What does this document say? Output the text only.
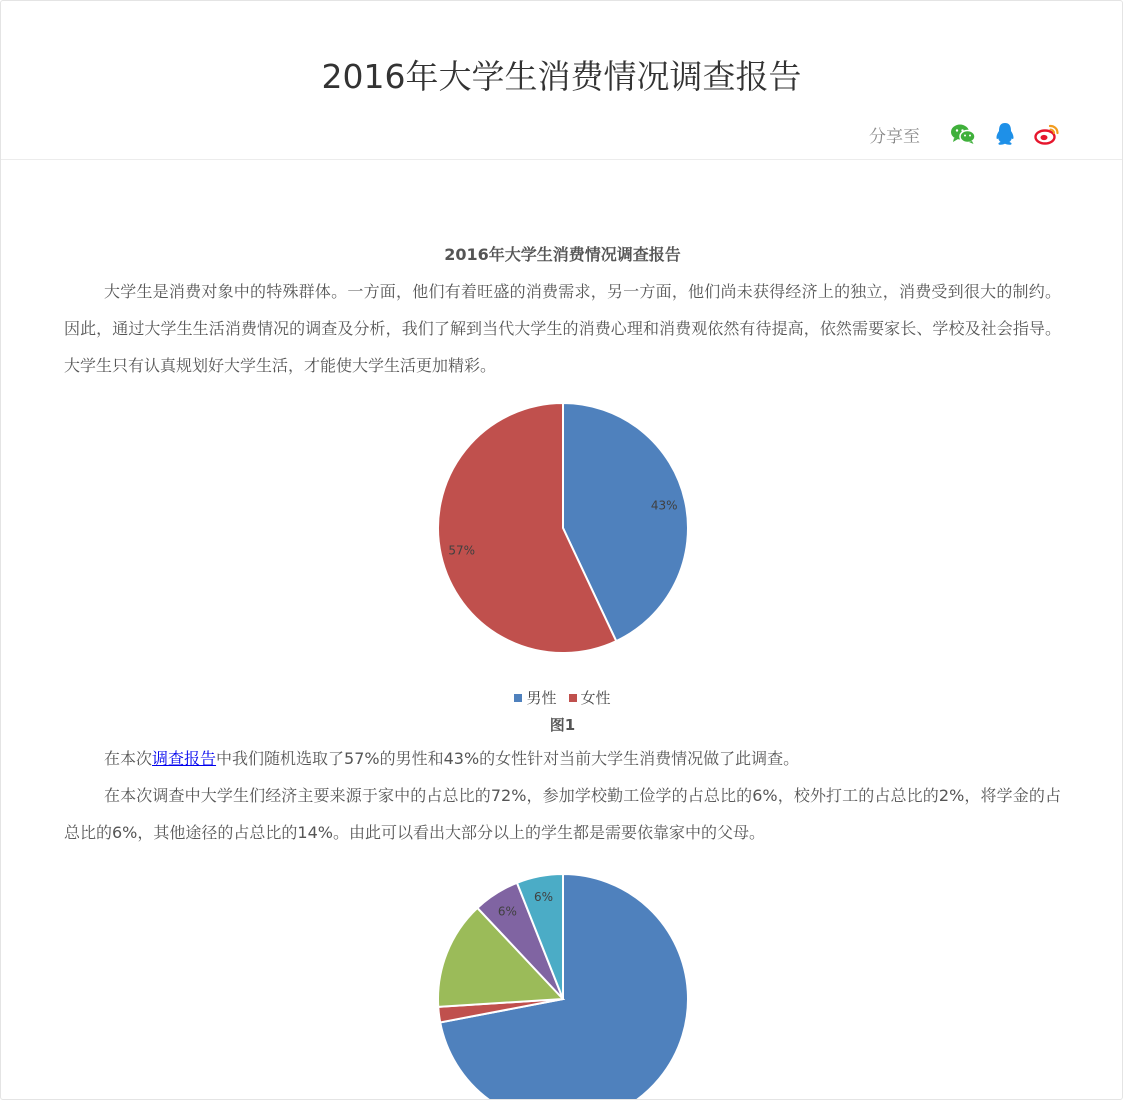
2016年大学生消费情况调查报告
分享至

2016年大学生消费情况调查报告

大学生是消费对象中的特殊群体。一方面，他们有着旺盛的消费需求，另一方面，他们尚未获得经济上的独立，消费受到很大的制约。因此，通过大学生生活消费情况的调查及分析，我们了解到当代大学生的消费心理和消费观依然有待提高，依然需要家长、学校及社会指导。大学生只有认真规划好大学生活，才能使大学生活更加精彩。

43%
57%
男性 女性
图1

在本次调查报告中我们随机选取了57%的男性和43%的女性针对当前大学生消费情况做了此调查。

在本次调查中大学生们经济主要来源于家中的占总比的72%，参加学校勤工俭学的占总比的6%，校外打工的占总比的2%，将学金的占总比的6%，其他途径的占总比的14%。由此可以看出大部分以上的学生都是需要依靠家中的父母。

6%
6%
